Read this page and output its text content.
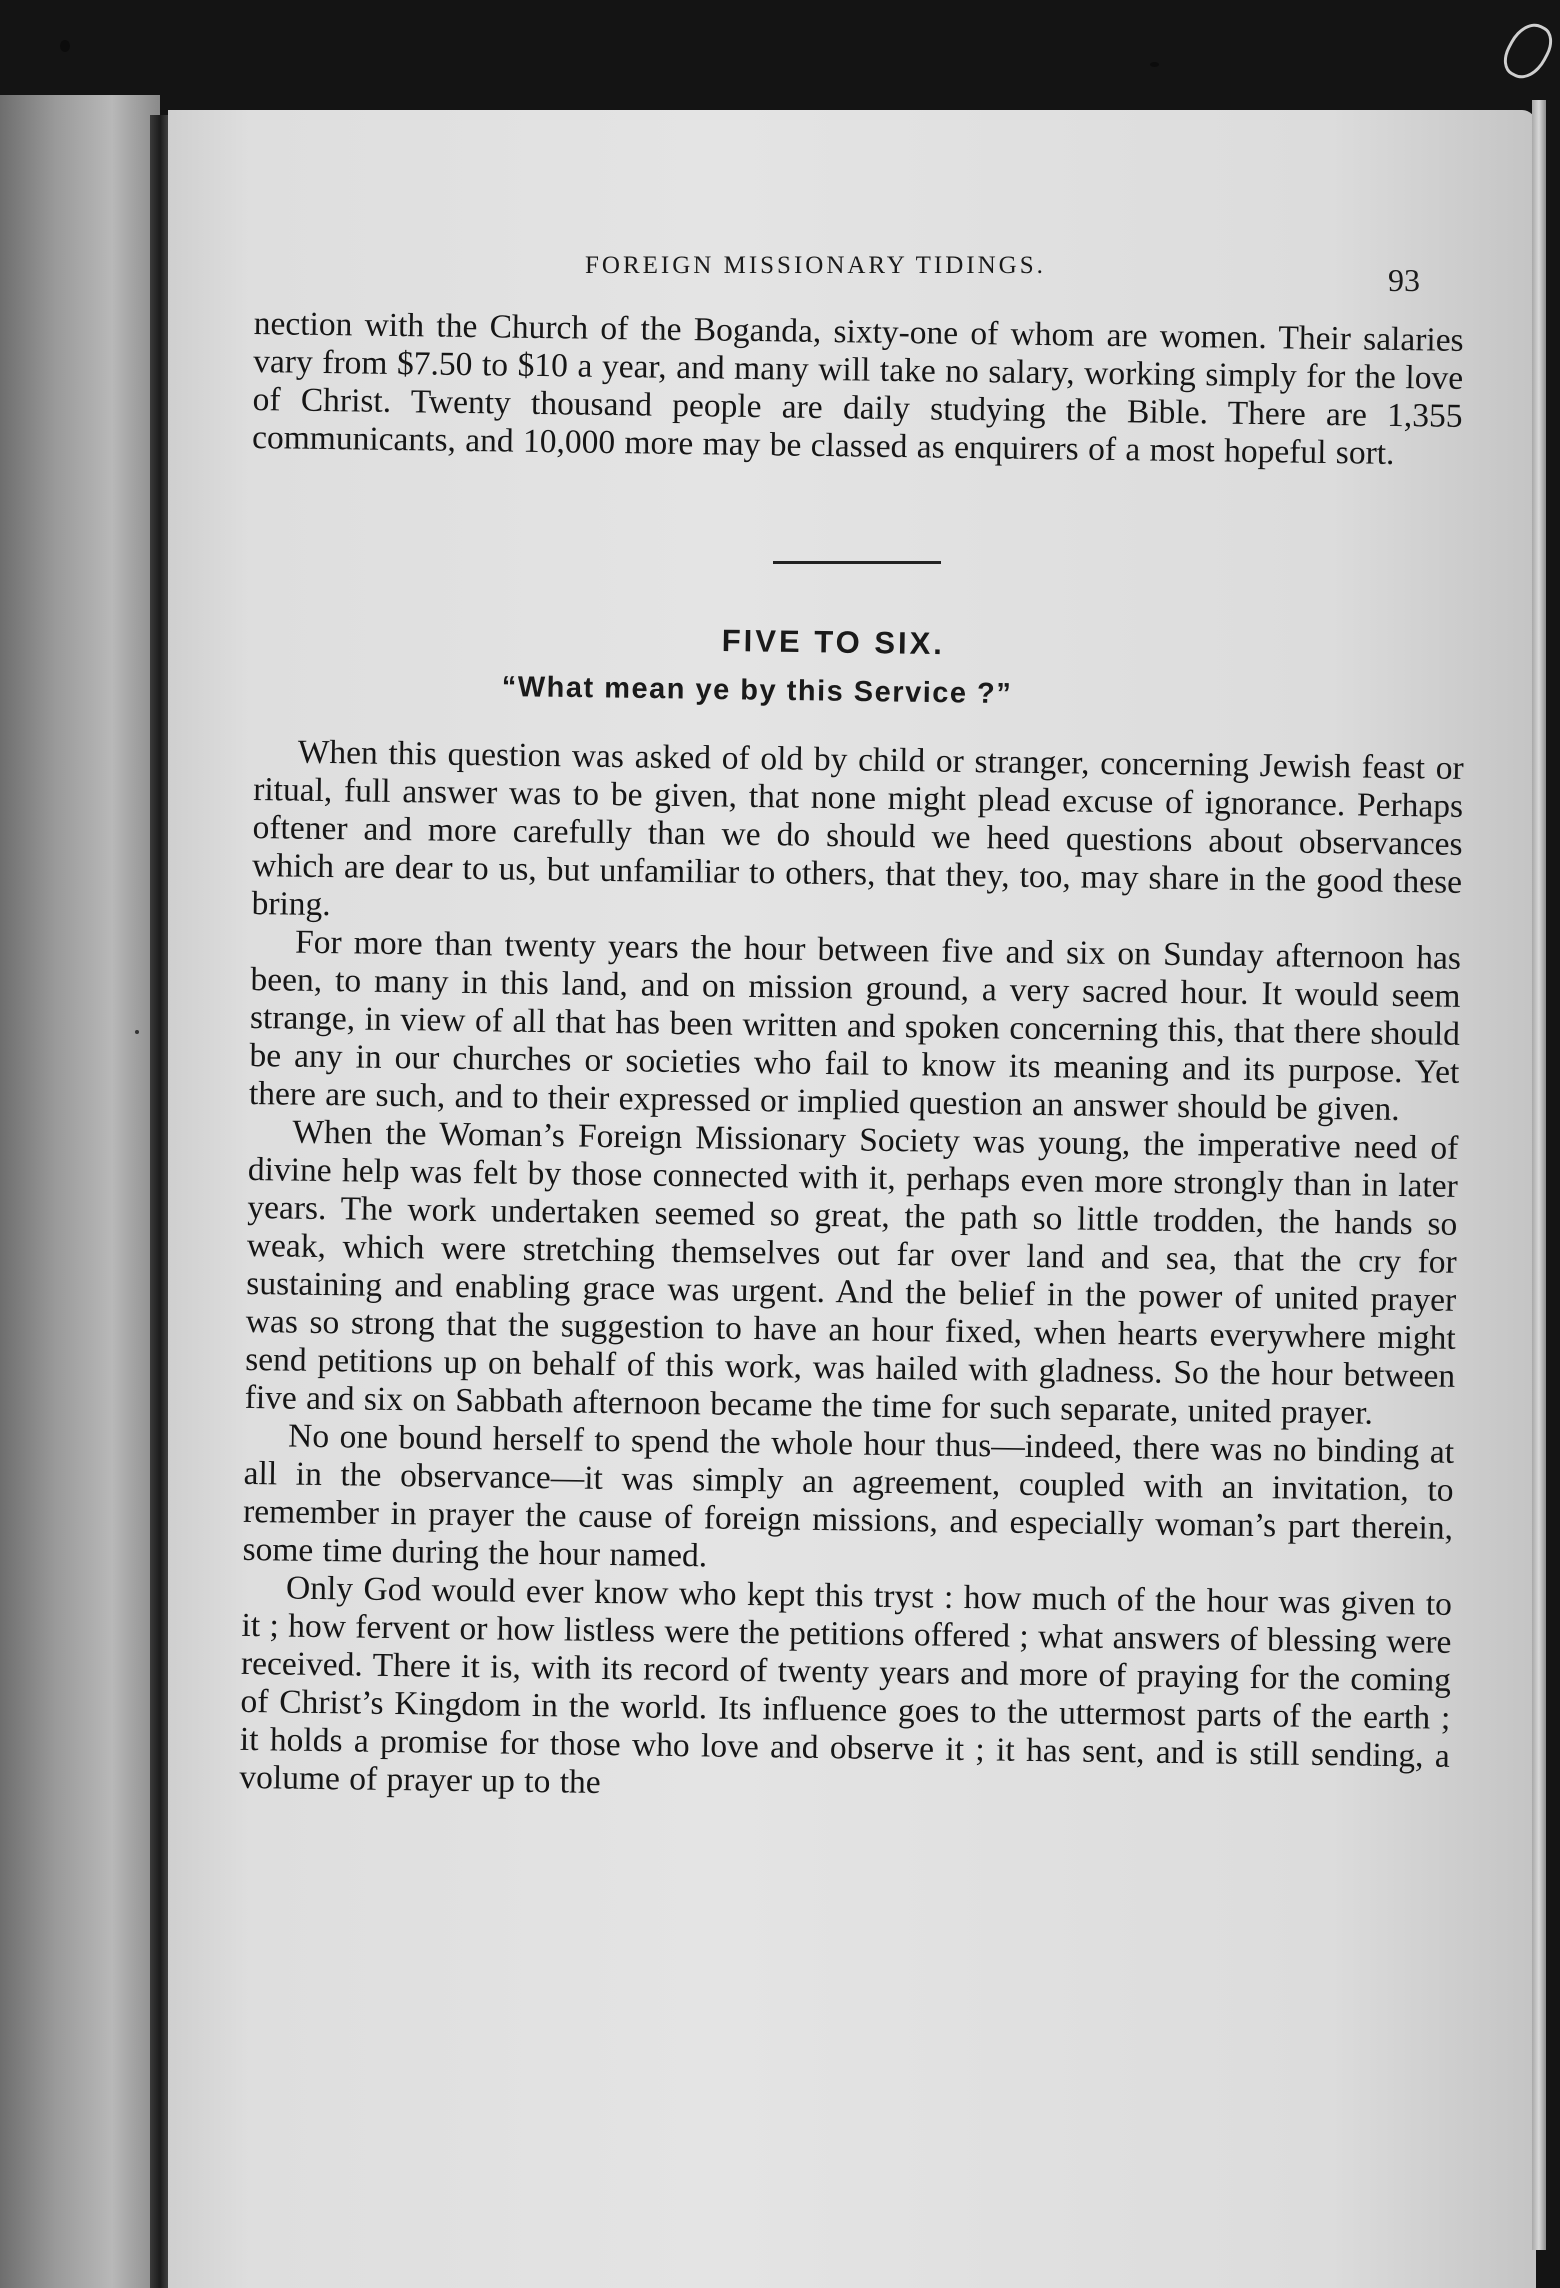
FOREIGN MISSIONARY TIDINGS.	93
nection with the Church of the Boganda, sixty-one of whom are women. Their salaries vary from $7.50 to $10 a year, and many will take no salary, working simply for the love of Christ. Twenty thousand people are daily studying the Bible. There are 1,355 communicants, and 10,000 more may be classed as enquirers of a most hopeful sort.
FIVE TO SIX.
“What mean ye by this Service ?”

When this question was asked of old by child or stranger, concerning Jewish feast or ritual, full answer was to be given, that none might plead excuse of ignorance. Perhaps oftener and more carefully than we do should we heed questions about observances which are dear to us, but unfamiliar to others, that they, too, may share in the good these bring.

For more than twenty years the hour between five and six on Sunday afternoon has been, to many in this land, and on mission ground, a very sacred hour. It would seem strange, in view of all that has been written and spoken concerning this, that there should be any in our churches or societies who fail to know its meaning and its purpose. Yet there are such, and to their expressed or implied question an answer should be given.

When the Woman’s Foreign Missionary Society was young, the imperative need of divine help was felt by those connected with it, perhaps even more strongly than in later years. The work undertaken seemed so great, the path so little trodden, the hands so weak, which were stretching themselves out far over land and sea, that the cry for sustaining and enabling grace was urgent. And the belief in the power of united prayer was so strong that the suggestion to have an hour fixed, when hearts everywhere might send petitions up on behalf of this work, was hailed with gladness. So the hour between five and six on Sabbath afternoon became the time for such separate, united prayer.

No one bound herself to spend the whole hour thus—indeed, there was no binding at all in the observance—it was simply an agreement, coupled with an invitation, to remember in prayer the cause of foreign missions, and especially woman’s part therein, some time during the hour named.

Only God would ever know who kept this tryst : how much of the hour was given to it ; how fervent or how listless were the petitions offered ; what answers of blessing were received. There it is, with its record of twenty years and more of praying for the coming of Christ’s Kingdom in the world. Its influence goes to the uttermost parts of the earth ; it holds a promise for those who love and observe it ; it has sent, and is still sending, a volume of prayer up to the
